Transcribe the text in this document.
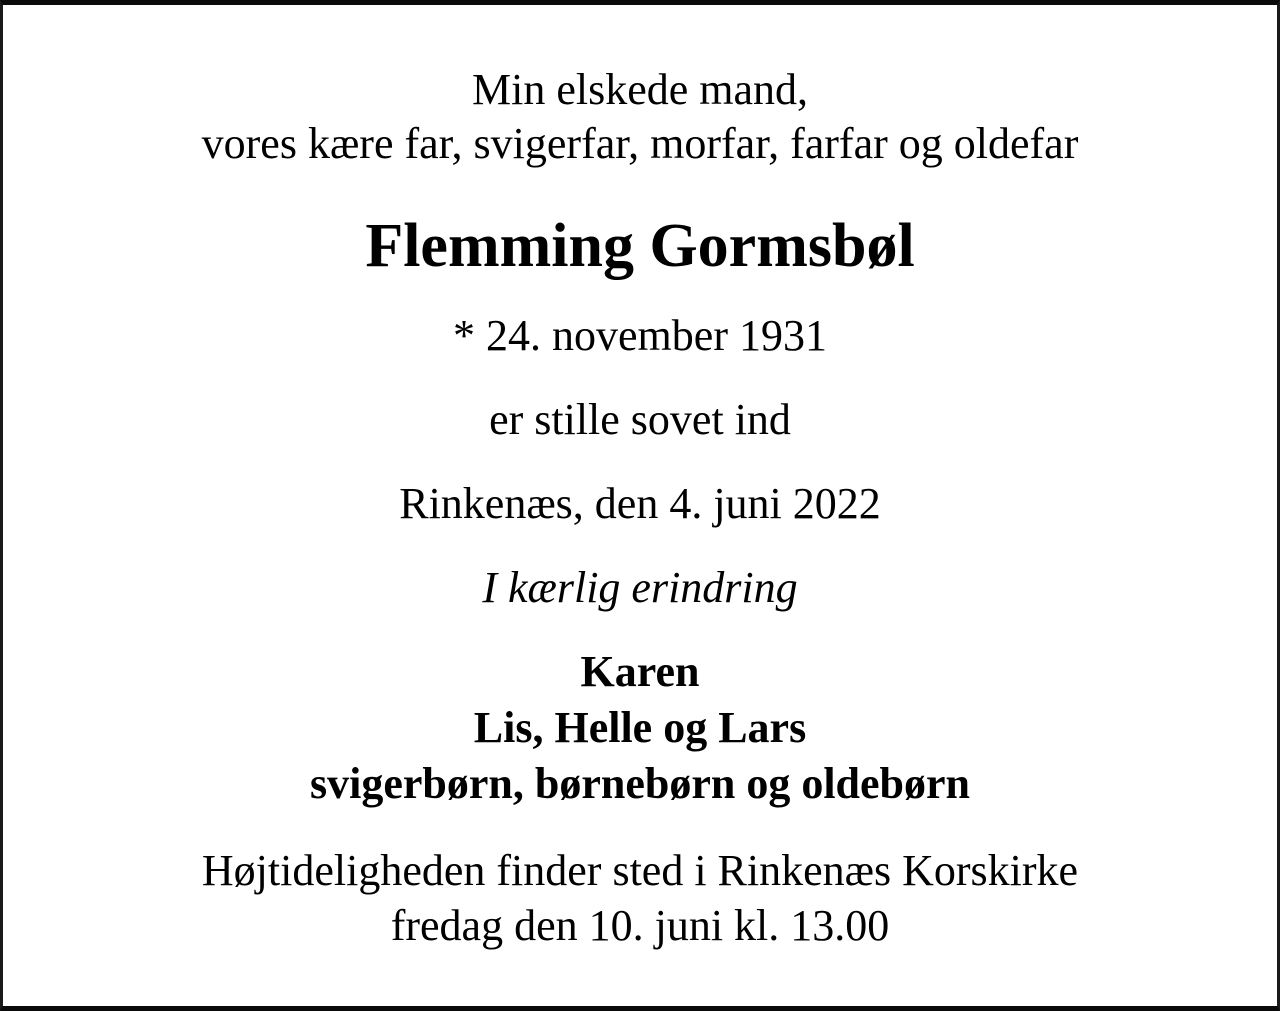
Min elskede mand,
vores kære far, svigerfar, morfar, farfar og oldefar
Flemming Gormsbøl
* 24. november 1931
er stille sovet ind
Rinkenæs, den 4. juni 2022
I kærlig erindring
Karen
Lis, Helle og Lars
svigerbørn, børnebørn og oldebørn
Højtideligheden finder sted i Rinkenæs Korskirke
fredag den 10. juni kl. 13.00
